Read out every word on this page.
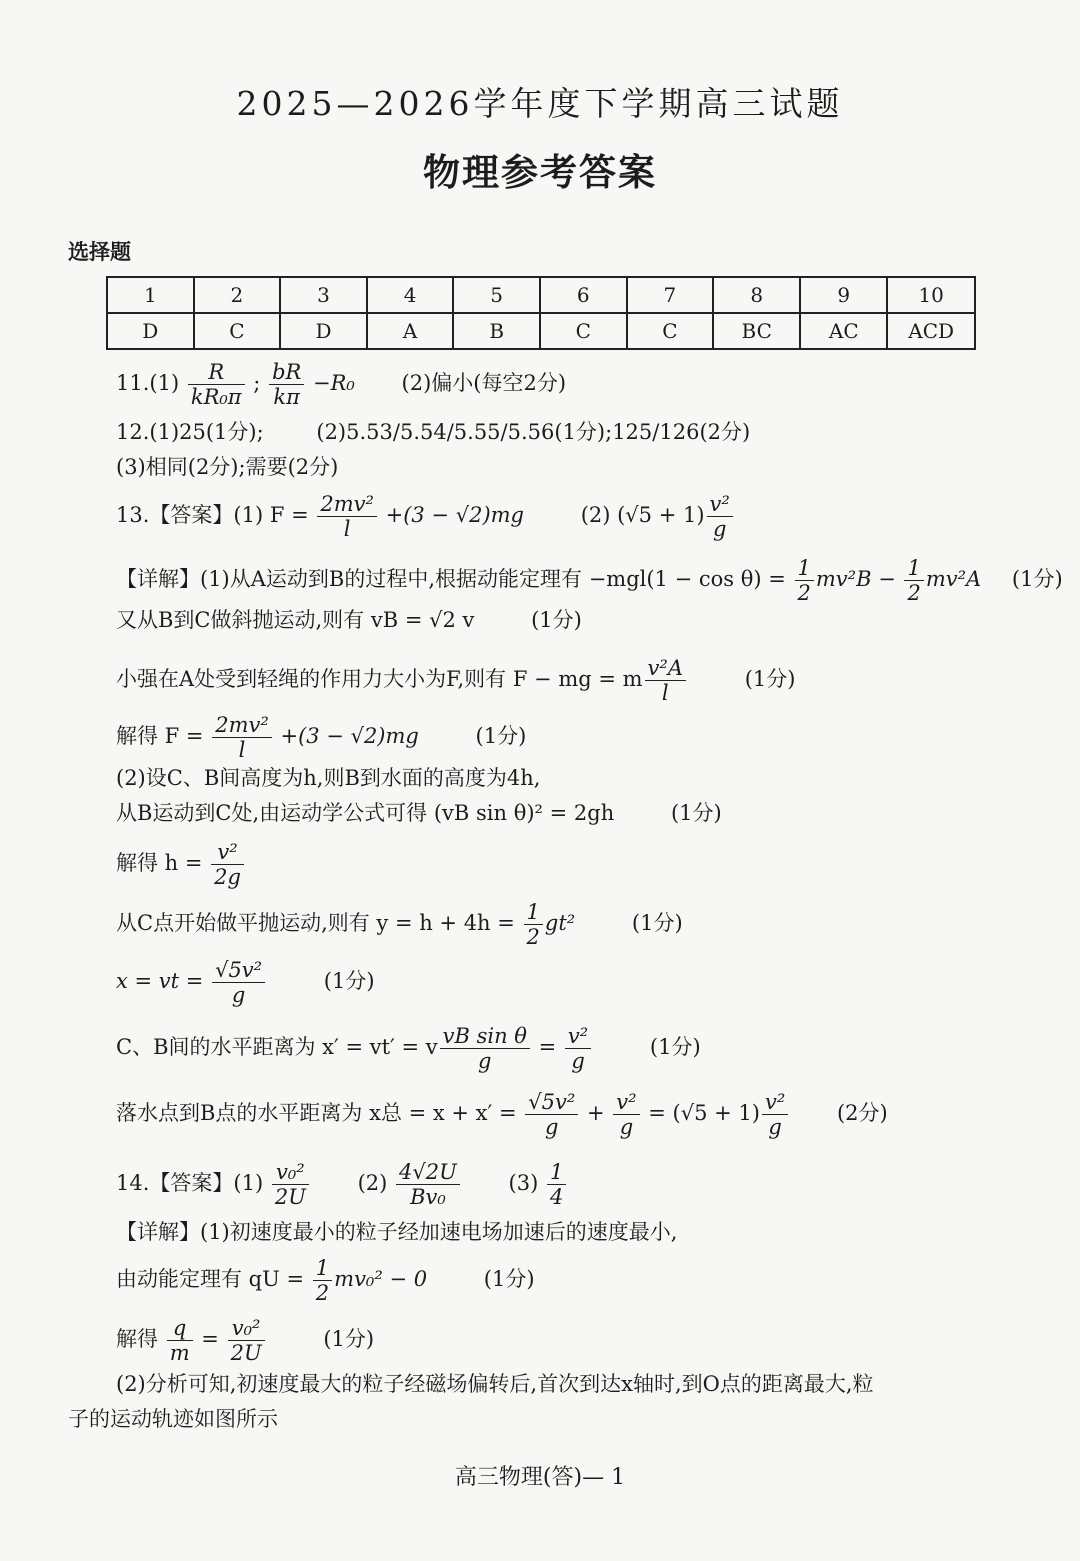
2025—2026学年度下学期高三试题
物理参考答案
选择题
1	2	3	4	5	6	7	8	9	10
D	C	D	A	B	C	C	BC	AC	ACD
$11.(1) \frac{R}{\text{kR₀π}}$ ; $\frac{bR}{k\pi} -R_0$ (2)偏小(每空2分)
12.(1)25(1分);	(2)5.53/5.54/5.55/5.56(1分);125/126(2分)
(3)相同(2分);需要(2分)
13.【答案】(1) $F = \frac{\text{2mv²}}{l} +(3 - √2)mg$	(2) $(√5 + 1) \frac{\text{v²}}{g}$
【详解】(1)从A运动到B的过程中,根据动能定理有 $-mgl(1 - \cos \theta) = \frac{1}{2} mv^2B - \frac{1}{2} mv^2A$ (1分)
又从B到C做斜抛运动,则有 vB = √2 v	(1分)
小强在A处受到轻绳的作用力大小为F,则有 F − mg = m $\frac{\text{v²A}}{l}$	(1分)
解得 $F = \frac{\text{2mv²}}{l} +(3 - √2)mg$	(1分)
(2)设C、B间高度为h,则B到水面的高度为4h,
从B运动到C处,由运动学公式可得 (vB sin θ)² = 2gh	(1分)
解得 $h = \frac{\text{v²}}{2g}$
从C点开始做平抛运动,则有 $y = h + 4h = \frac{1}{2} gt^2$	(1分)
x = vt = $\frac{\text{√5v²}}{g}$	(1分)
C、B间的水平距离为 x′ = vt′ = v $\frac{\text{vB sin θ}}{g} = \frac{\text{v²}}{g}$	(1分)
落水点到B点的水平距离为 x总 = $x + x' = \frac{\text{√5v²}}{g} + \frac{\text{v²}}{g} = (√5 + 1) \frac{\text{v²}}{g} (2$分)
14.【答案】$(1) \frac{\text{v₀²}}{2U} (2) \frac{4√2U}{\text{Bv₀}} (3) \frac{1}{4}$
【详解】(1)初速度最小的粒子经加速电场加速后的速度最小,
由动能定理有 qU = $\frac{1}{2} mv_0^2 - 0$	(1分)
解得 $\frac{q}{m} = \frac{\text{v₀²}}{2U}$	(1分)
(2)分析可知,初速度最大的粒子经磁场偏转后,首次到达x轴时,到O点的距离最大,粒
子的运动轨迹如图所示
高三物理(答)— 1
